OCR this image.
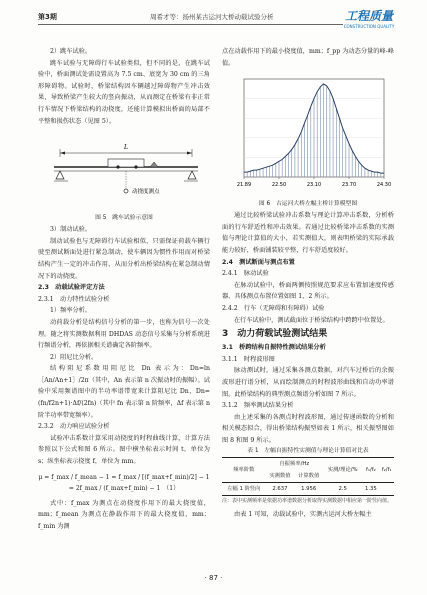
第3期	周希才等：扬州某古运河大桥动载试验分析	工程质量
CONSTRUCTION QUALITY

2）跳车试验。

跳车试验与无障碍行车试验类似，但不同的是，在跳车试验中，桥面测试处需设置高为 7.5 cm、底宽为 30 cm 的三角形障碍物。试验时，桥梁结构因车辆越过障碍物产生冲击效果，导致桥梁产生较大的竖向振动，从而测定在桥梁有非正常行车情况下桥梁结构的动挠度，还能计算模拟出桥面的局部不平整和损伤状态（见图 5）。

L
动挠度测点
图 5　跳车试验示意图

3）制动试验。

制动试验也与无障碍行车试验相似，只需保证荷载车辆行驶至测试断面处进行紧急制动，使车辆因为惯性作用而对桥梁结构产生一定的冲击作用，从而分析出桥梁结构在紧急制动情况下的动挠度。

2.3　动载试验评定方法
2.3.1　动力特性试验分析

1）频率分析。

动荷载分析是结构信号分析的第一步，也称为信号一次处理。随之将实测数据利用 DHDAS 动态信号采集与分析系统进行频谱分析，再依据相关谱确定各阶频率。

2）阻尼比分析。

结构阻尼系数用阻尼比 Dn 表示为：Dn=ln［An/An+1］/2π（其中，An 表示第 n 次振动时的振幅）。试验中采用频谱图中的半功率谱带宽来计算阻尼比 Dn，Dn=(fn/f2n+1)·Δf/(2fn)（其中 fn 表示第 n 阶频率，Δf 表示第 n 阶半功率带宽频率）。

2.3.2　动力响应试验分析

试验冲击系数计算采用动挠度的时程曲线计算，计算方法参照以下公式和图 6 所示。图中横坐标表示时间 t，单位为 s；纵坐标表示挠度 f，单位为 mm。

μ = f_max / f_mean − 1 = f_max / [(f_max+f_min)/2] − 1 = 2f_max / (f_max+f_min) − 1　（1）

式中：f_max 为测点在动挠度作用下的最大挠度值，mm；f_mean 为测点在静载作用下的最大挠度值，mm；f_min 为测

点在动载作用下的最小挠度值，mm；f_pp 为动态分量的峰-峰值。

21.89	22.50	23.10	23.70	24.30
图 6　古运河大桥左幅主桥计算模型图

通过比较桥梁试验冲击系数与理论计算冲击系数，分析桥面的行车舒适性和冲击效果。若通过比较桥梁冲击系数的实测值与理论计算值的大小，若实测值大，则表明桥梁的实际承载能力较好，桥面铺装较平整，行车舒适度较好。

2.4　测试断面与测点布置
2.4.1　脉动试验

在脉动试验中，桥面两侧按照规范要求应布置加速度传感器，具体测点布置位置如图 1、2 所示。

2.4.2　行车（无障碍和有障碍）试验

在行车试验中，测试截面位于桥梁结构中跨跨中位置处。

3　动力荷载试验测试结果
3.1　桥跨结构自振特性测试结果分析
3.1.1　时程波形图

脉动测试时，通过采集各测点数据，对汽车过桥后的余振波形进行谱分析，从而绘制测点的时程波形曲线和自动功率谱图。此桥梁结构的典型测点频谱分析如图 7 所示。

3.1.2　频率测试结果分析

由上述采集的各测点时程波形图，通过传递函数的分析和相关模态拟合，得出桥梁结构振型如表 1 所示，相关振型图如图 8 和图 9 所示。

表 1　左幅自振特性实测值与理论计算值对比表
频率阶数	自振频率/Hz		实测/理论/%	f₁/f₂	f₂/f₁
	实测数值	计算数值			
左幅 1 阶竖向	2.637	1.956	2.5	1.35	
注：表中实测频率是依据功率谱数据分析取得实测数据中相应第一阶竖向值。

由表 1 可知，动载试验中，实测古运河大桥左幅主

· 87 ·
